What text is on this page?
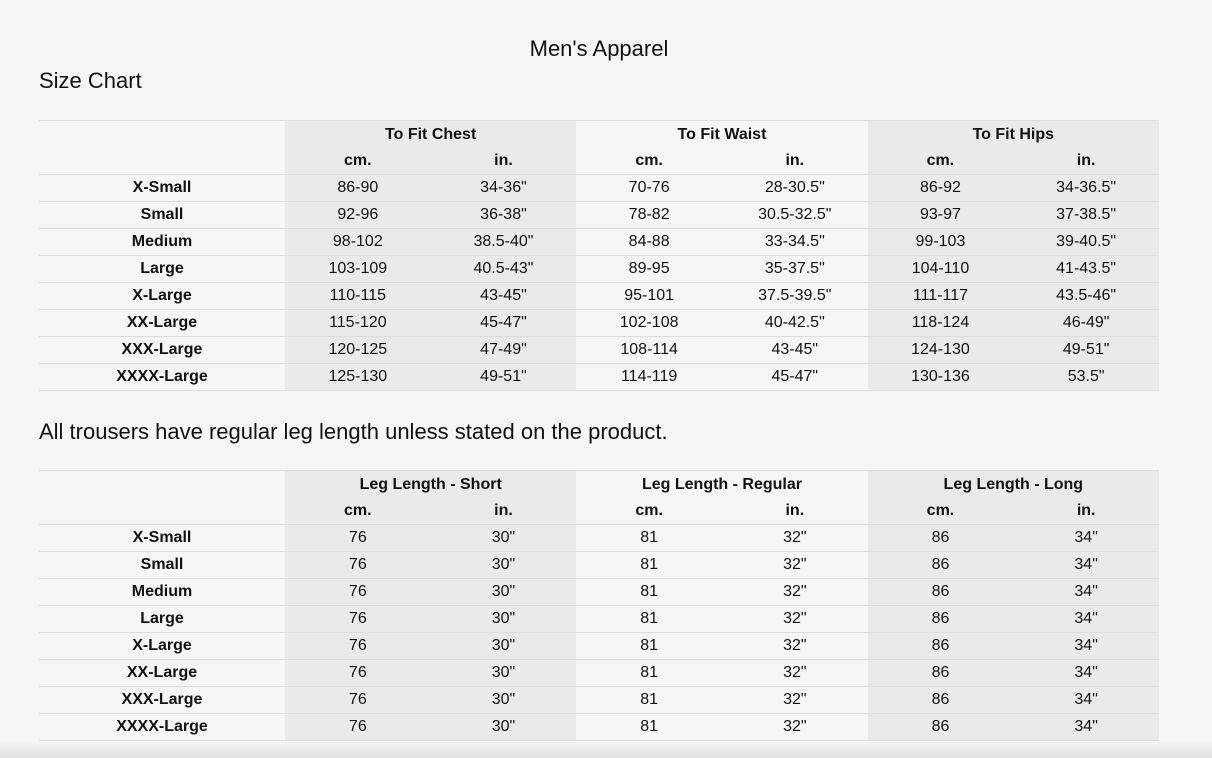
Men's Apparel
Size Chart
	To Fit Chest		To Fit Waist		To Fit Hips	
	cm.	in.	cm.	in.	cm.	in.
X-Small	86-90	34-36"	70-76	28-30.5"	86-92	34-36.5"
Small	92-96	36-38"	78-82	30.5-32.5"	93-97	37-38.5"
Medium	98-102	38.5-40"	84-88	33-34.5"	99-103	39-40.5"
Large	103-109	40.5-43"	89-95	35-37.5"	104-110	41-43.5"
X-Large	110-115	43-45"	95-101	37.5-39.5"	111-117	43.5-46"
XX-Large	115-120	45-47"	102-108	40-42.5"	118-124	46-49"
XXX-Large	120-125	47-49"	108-114	43-45"	124-130	49-51"
XXXX-Large	125-130	49-51"	114-119	45-47"	130-136	53.5"
All trousers have regular leg length unless stated on the product.
	Leg Length - Short		Leg Length - Regular		Leg Length - Long	
	cm.	in.	cm.	in.	cm.	in.
X-Small	76	30"	81	32"	86	34"
Small	76	30"	81	32"	86	34"
Medium	76	30"	81	32"	86	34"
Large	76	30"	81	32"	86	34"
X-Large	76	30"	81	32"	86	34"
XX-Large	76	30"	81	32"	86	34"
XXX-Large	76	30"	81	32"	86	34"
XXXX-Large	76	30"	81	32"	86	34"
